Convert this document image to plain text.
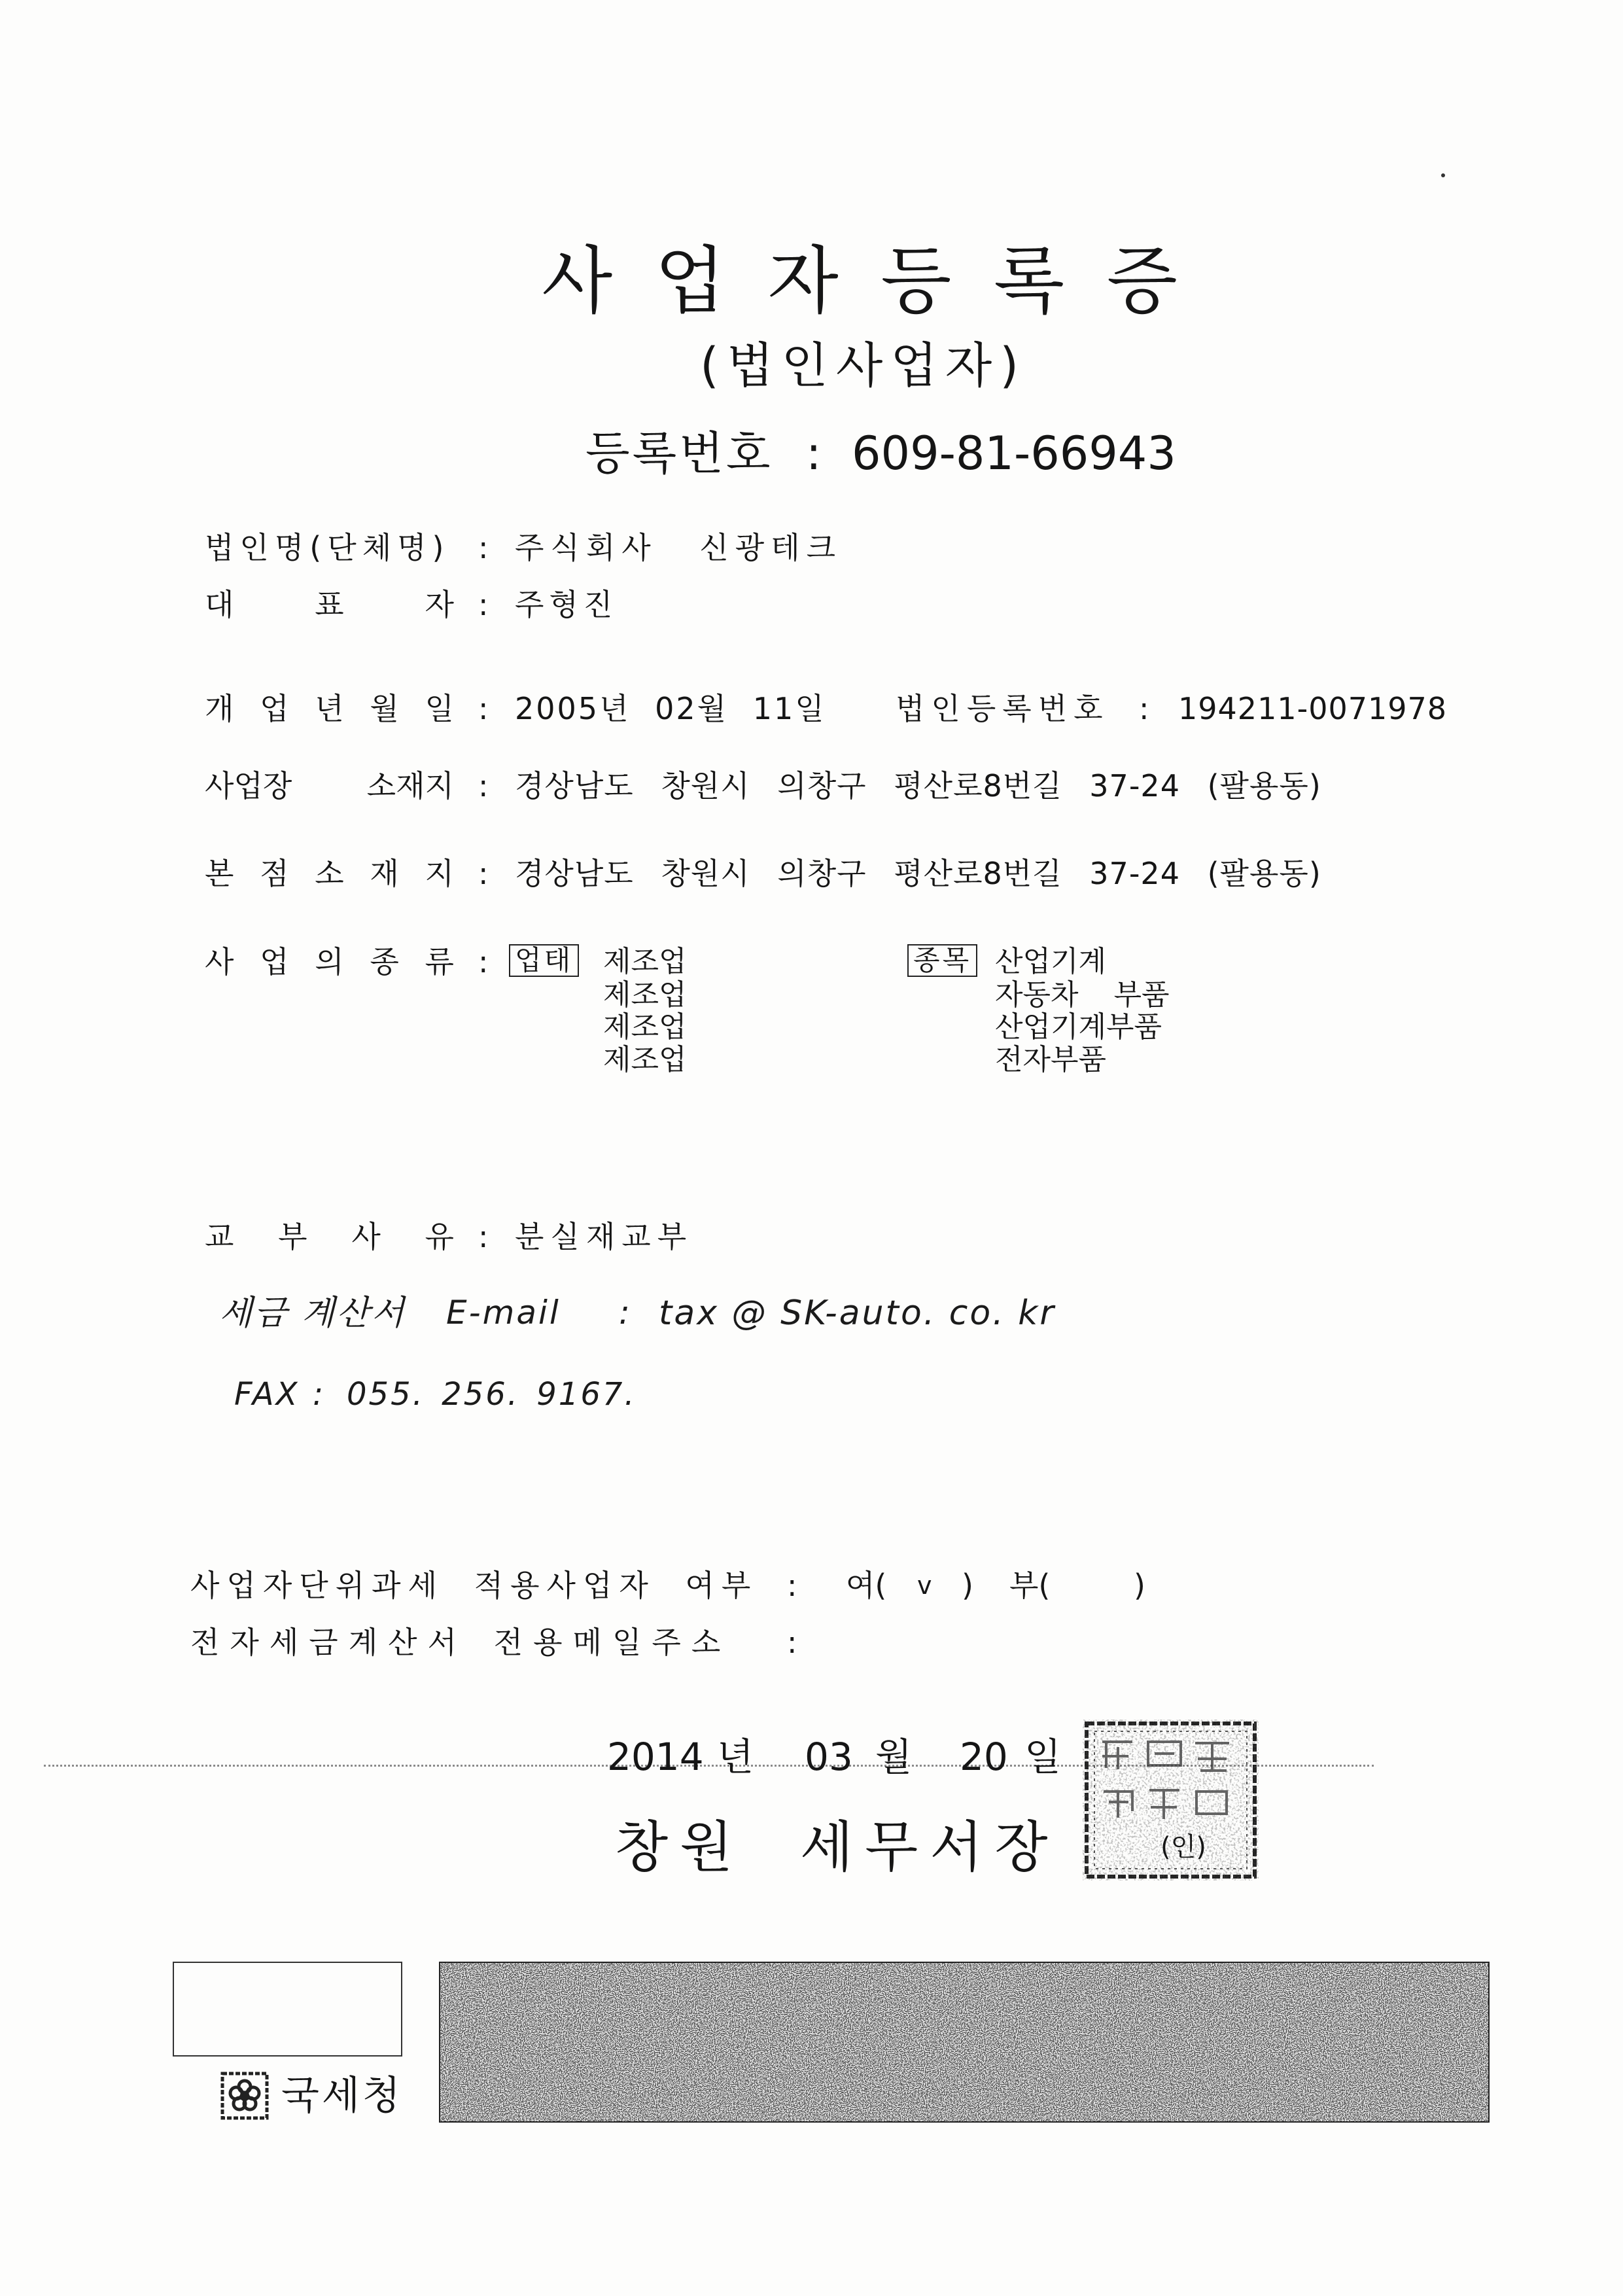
사 업 자 등 록 증
(법인사업자)
등록번호 : 609-81-66943
법인명(단체명) : 주식회사 신광테크
대 표 자 : 주형진
개 업 년 월 일 : 2005년 02월 11일 법인등록번호 : 194211-0071978
사업장 소재지 : 경상남도 창원시 의창구 평산로8번길 37-24 (팔용동)
본 점 소 재 지 : 경상남도 창원시 의창구 평산로8번길 37-24 (팔용동)
사 업 의 종 류 : 업태 제조업
제조업
제조업
제조업
종목 산업기계
자동차 부품
산업기계부품
전자부품
교 부 사 유 : 분실재교부
세금 계산서 E-mail : tax @ SK-auto. co. kr
FAX : 055. 256. 9167.
사업자단위과세 적용사업자 여부 : 여( v ) 부(	)
전자세금계산서 전용메일주소 :
2014 년 03 월 20 일
창원 세무서장	(인)
국세청
